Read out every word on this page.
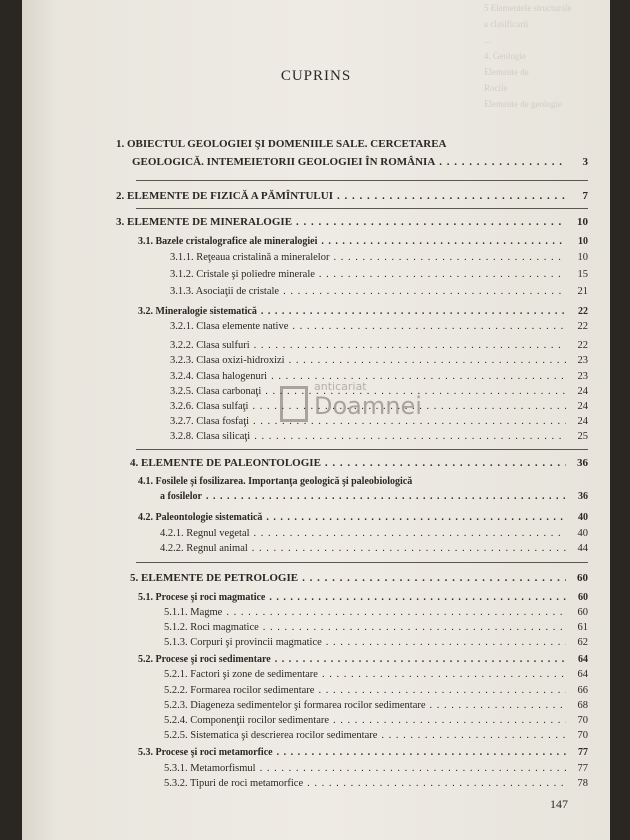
5 Elementele structurale
a clasificarii
...
4. Geologie
Elemente de
Rocile
Elemente de geologie
CUPRINS
anticariat
Doamnei
1. OBIECTUL GEOLOGIEI ŞI DOMENIILE SALE. CERCETAREA
GEOLOGICĂ. INTEMEIETORII GEOLOGIEI ÎN ROMÂNIA . . .	3
2. ELEMENTE DE FIZICĂ A PĂMÎNTULUI . . .	7
3. ELEMENTE DE MINERALOGIE . . .	10
3.1. Bazele cristalografice ale mineralogiei . . .	10
3.1.1. Reţeaua cristalină a mineralelor . . .	10
3.1.2. Cristale şi poliedre minerale . . .	15
3.1.3. Asociaţii de cristale . . .	21
3.2. Mineralogie sistematică . . .	22
3.2.1. Clasa elemente native . . .	22
3.2.2. Clasa sulfuri . . .	22
3.2.3. Clasa oxizi-hidroxizi . . .	23
3.2.4. Clasa halogenuri . . .	23
3.2.5. Clasa carbonaţi . . .	24
3.2.6. Clasa sulfaţi . . .	24
3.2.7. Clasa fosfaţi . . .	24
3.2.8. Clasa silicaţi . . .	25
4. ELEMENTE DE PALEONTOLOGIE . . .	36
4.1. Fosilele şi fosilizarea. Importanţa geologică şi paleobiologică
a fosilelor . . .	36
4.2. Paleontologie sistematică . . .	40
4.2.1. Regnul vegetal . . .	40
4.2.2. Regnul animal . . .	44
5. ELEMENTE DE PETROLOGIE . . .	60
5.1. Procese şi roci magmatice . . .	60
5.1.1. Magme . . .	60
5.1.2. Roci magmatice . . .	61
5.1.3. Corpuri şi provincii magmatice . . .	62
5.2. Procese şi roci sedimentare . . .	64
5.2.1. Factori şi zone de sedimentare . . .	64
5.2.2. Formarea rocilor sedimentare . . .	66
5.2.3. Diageneza sedimentelor şi formarea rocilor sedimentare . . .	68
5.2.4. Componenţii rocilor sedimentare . . .	70
5.2.5. Sistematica şi descrierea rocilor sedimentare . . .	70
5.3. Procese şi roci metamorfice . . .	77
5.3.1. Metamorfismul . . .	77
5.3.2. Tipuri de roci metamorfice . . .	78
147
